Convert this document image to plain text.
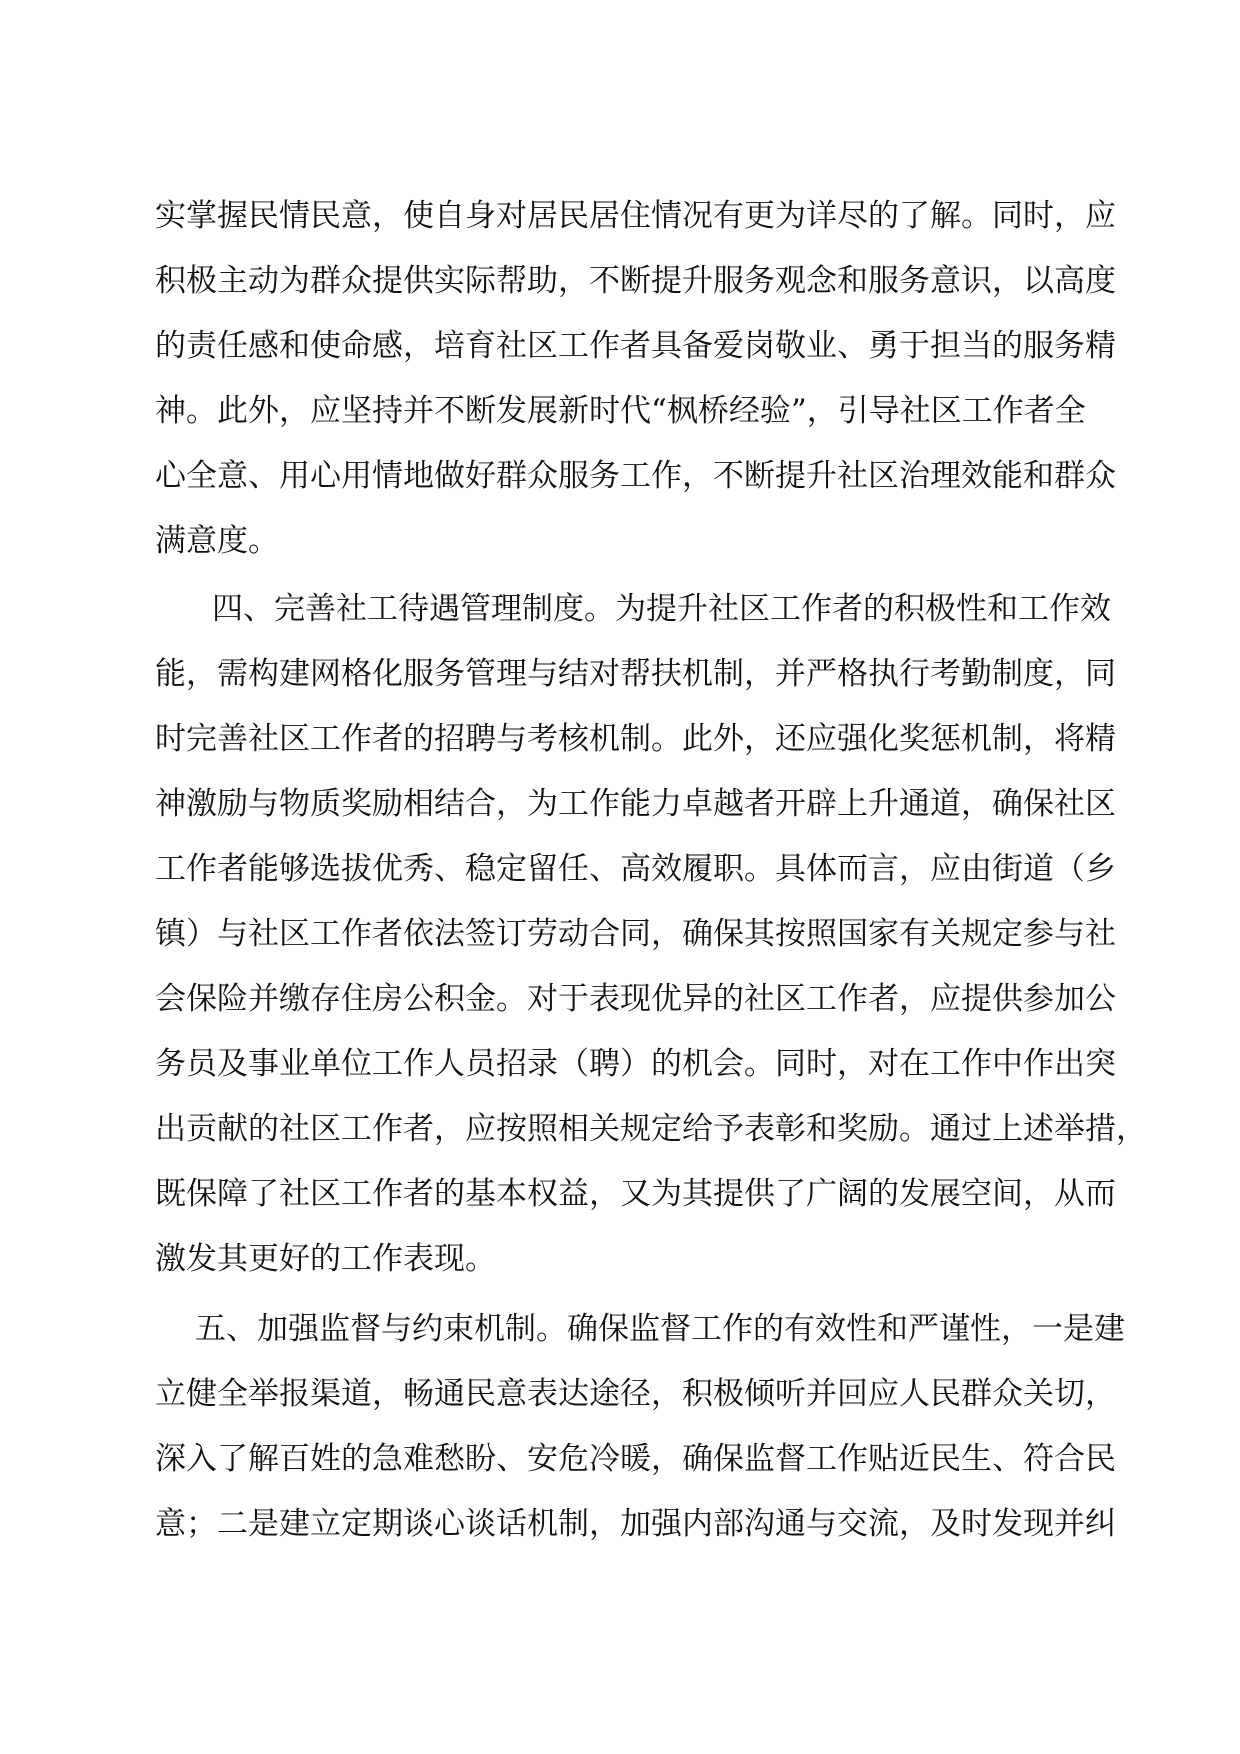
实掌握民情民意，使自身对居民居住情况有更为详尽的了解。同时，应
积极主动为群众提供实际帮助，不断提升服务观念和服务意识，以高度
的责任感和使命感，培育社区工作者具备爱岗敬业、勇于担当的服务精
神。此外，应坚持并不断发展新时代“枫桥经验”，引导社区工作者全
心全意、用心用情地做好群众服务工作，不断提升社区治理效能和群众
满意度。
四、完善社工待遇管理制度。为提升社区工作者的积极性和工作效
能，需构建网格化服务管理与结对帮扶机制，并严格执行考勤制度，同
时完善社区工作者的招聘与考核机制。此外，还应强化奖惩机制，将精
神激励与物质奖励相结合，为工作能力卓越者开辟上升通道，确保社区
工作者能够选拔优秀、稳定留任、高效履职。具体而言，应由街道（乡
镇）与社区工作者依法签订劳动合同，确保其按照国家有关规定参与社
会保险并缴存住房公积金。对于表现优异的社区工作者，应提供参加公
务员及事业单位工作人员招录（聘）的机会。同时，对在工作中作出突
出贡献的社区工作者，应按照相关规定给予表彰和奖励。通过上述举措，
既保障了社区工作者的基本权益，又为其提供了广阔的发展空间，从而
激发其更好的工作表现。
五、加强监督与约束机制。确保监督工作的有效性和严谨性，一是建
立健全举报渠道，畅通民意表达途径，积极倾听并回应人民群众关切，
深入了解百姓的急难愁盼、安危冷暖，确保监督工作贴近民生、符合民
意；二是建立定期谈心谈话机制，加强内部沟通与交流，及时发现并纠
